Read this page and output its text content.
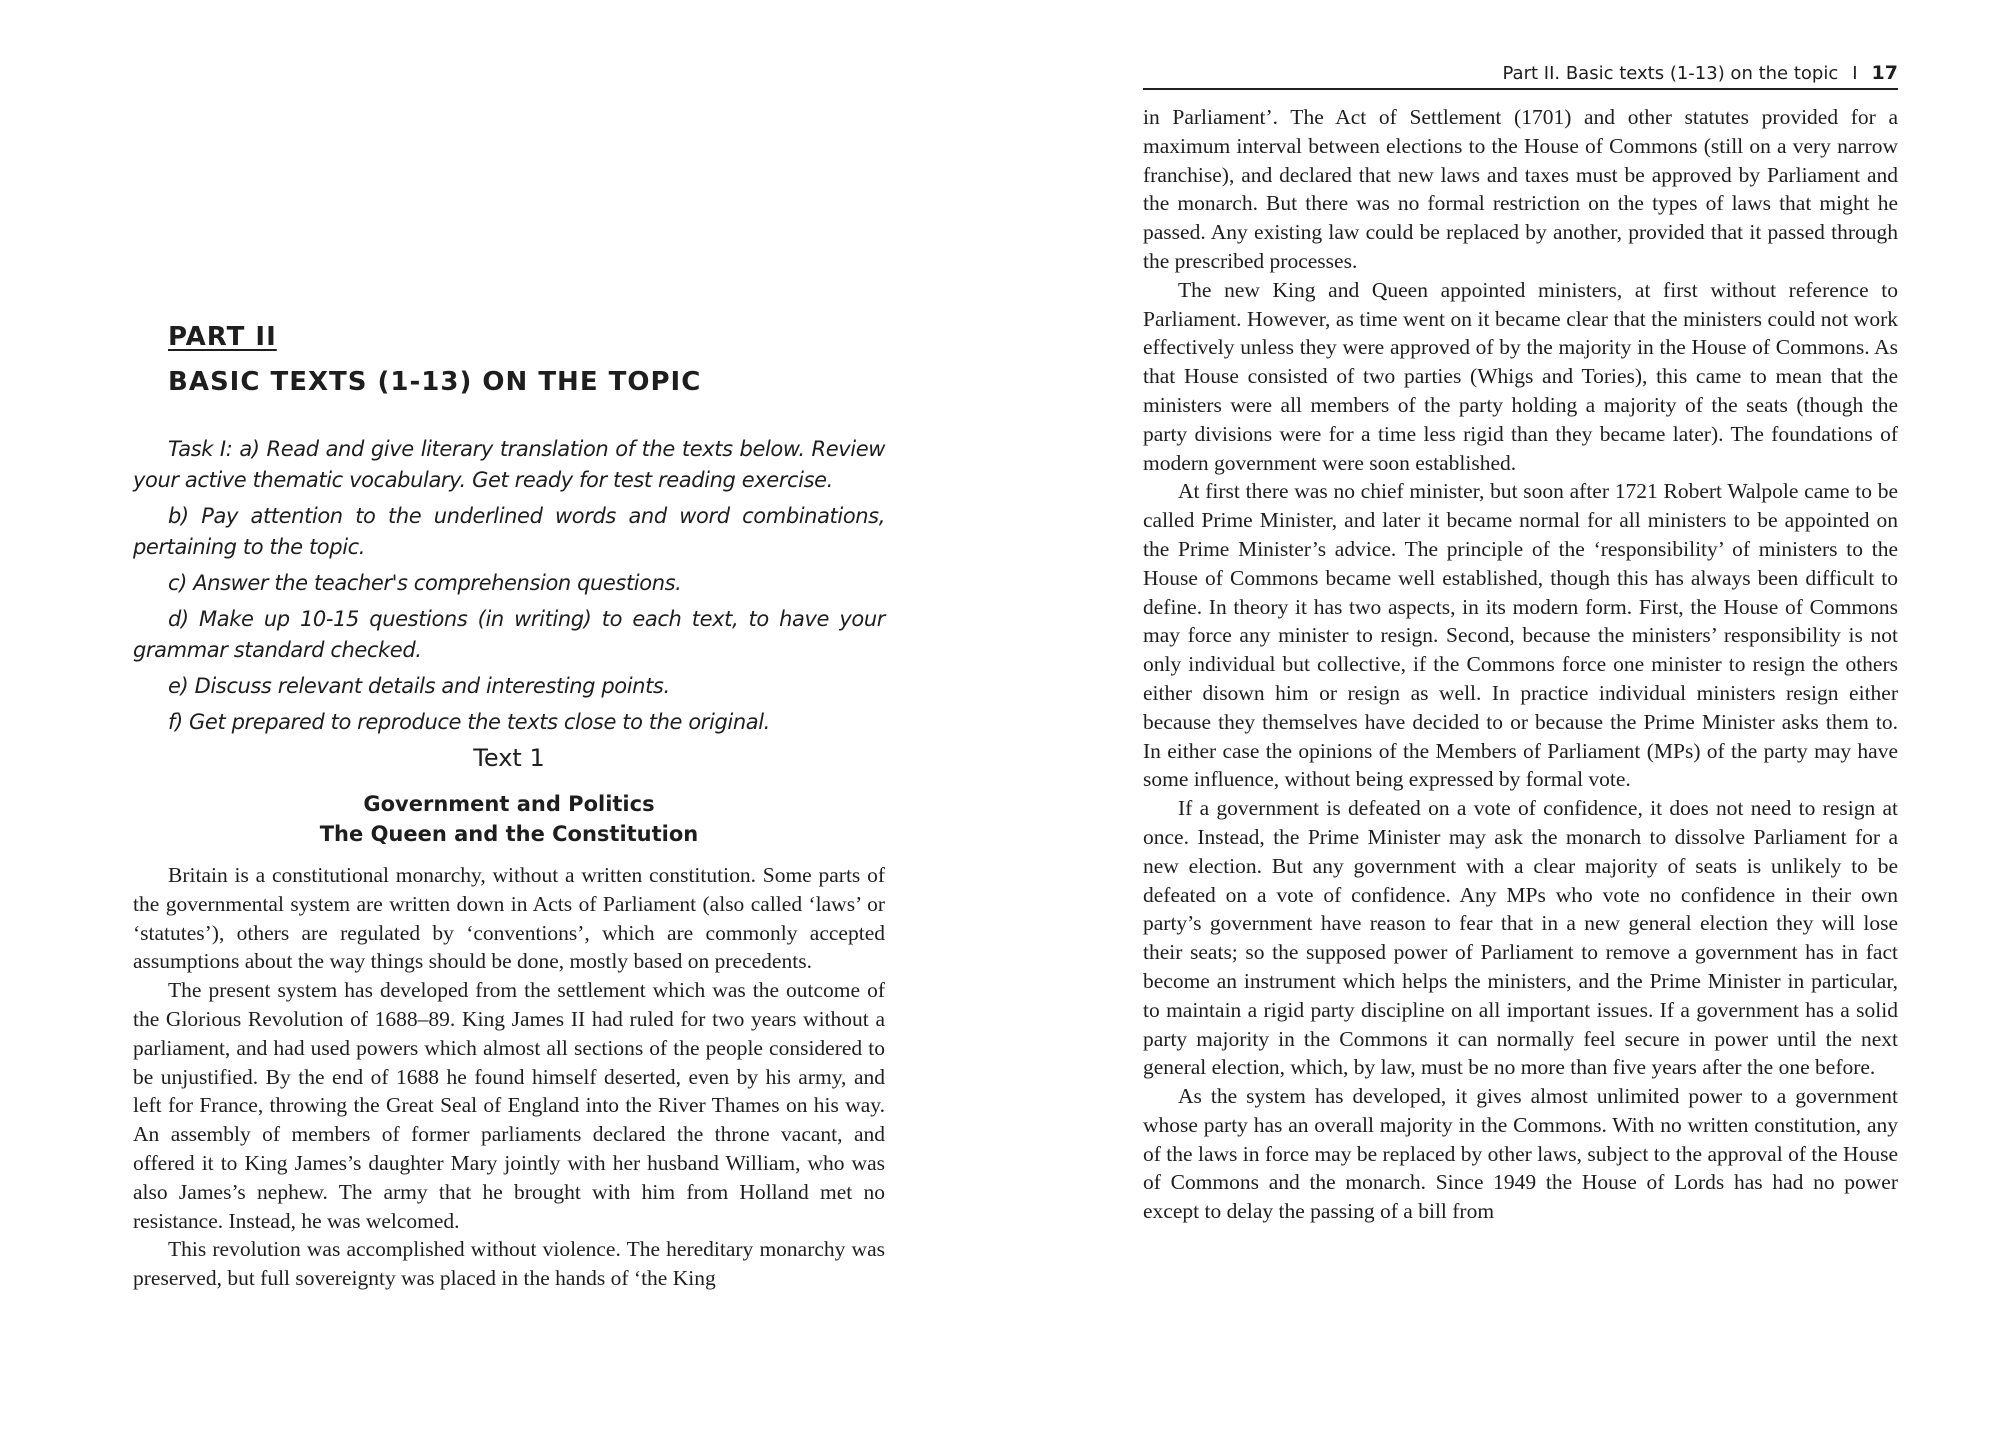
PART II
BASIC TEXTS (1-13) ON THE TOPIC

Task I: a) Read and give literary translation of the texts below. Review your active thematic vocabulary. Get ready for test reading exercise.

b) Pay attention to the underlined words and word combinations, pertaining to the topic.

c) Answer the teacher's comprehension questions.

d) Make up 10-15 questions (in writing) to each text, to have your grammar standard checked.

e) Discuss relevant details and interesting points.

f) Get prepared to reproduce the texts close to the original.

Text 1
Government and Politics
The Queen and the Constitution

Britain is a constitutional monarchy, without a written constitution. Some parts of the governmental system are written down in Acts of Parliament (also called ‘laws’ or ‘statutes’), others are regulated by ‘conventions’, which are commonly accepted assumptions about the way things should be done, mostly based on precedents.

The present system has developed from the settlement which was the outcome of the Glorious Revolution of 1688–89. King James II had ruled for two years without a parliament, and had used powers which almost all sections of the people considered to be unjustified. By the end of 1688 he found himself deserted, even by his army, and left for France, throwing the Great Seal of England into the River Thames on his way. An assembly of members of former parliaments declared the throne vacant, and offered it to King James’s daughter Mary jointly with her husband William, who was also James’s nephew. The army that he brought with him from Holland met no resistance. Instead, he was welcomed.

This revolution was accomplished without violence. The hereditary monarchy was preserved, but full sovereignty was placed in the hands of ‘the King

Part II. Basic texts (1-13) on the topic I 17

in Parliament’. The Act of Settlement (1701) and other statutes provided for a maximum interval between elections to the House of Commons (still on a very narrow franchise), and declared that new laws and taxes must be approved by Parliament and the monarch. But there was no formal restriction on the types of laws that might he passed. Any existing law could be replaced by another, provided that it passed through the prescribed processes.

The new King and Queen appointed ministers, at first without reference to Parliament. However, as time went on it became clear that the ministers could not work effectively unless they were approved of by the majority in the House of Commons. As that House consisted of two parties (Whigs and Tories), this came to mean that the ministers were all members of the party holding a majority of the seats (though the party divisions were for a time less rigid than they became later). The foundations of modern government were soon established.

At first there was no chief minister, but soon after 1721 Robert Walpole came to be called Prime Minister, and later it became normal for all ministers to be appointed on the Prime Minister’s advice. The principle of the ‘responsibility’ of ministers to the House of Commons became well established, though this has always been difficult to define. In theory it has two aspects, in its modern form. First, the House of Commons may force any minister to resign. Second, because the ministers’ responsibility is not only individual but collective, if the Commons force one minister to resign the others either disown him or resign as well. In practice individual ministers resign either because they themselves have decided to or because the Prime Minister asks them to. In either case the opinions of the Members of Parliament (MPs) of the party may have some influence, without being expressed by formal vote.

If a government is defeated on a vote of confidence, it does not need to resign at once. Instead, the Prime Minister may ask the monarch to dissolve Parliament for a new election. But any government with a clear majority of seats is unlikely to be defeated on a vote of confidence. Any MPs who vote no confidence in their own party’s government have reason to fear that in a new general election they will lose their seats; so the supposed power of Parliament to remove a government has in fact become an instrument which helps the ministers, and the Prime Minister in particular, to maintain a rigid party discipline on all important issues. If a government has a solid party majority in the Commons it can normally feel secure in power until the next general election, which, by law, must be no more than five years after the one before.

As the system has developed, it gives almost unlimited power to a government whose party has an overall majority in the Commons. With no written constitution, any of the laws in force may be replaced by other laws, subject to the approval of the House of Commons and the monarch. Since 1949 the House of Lords has had no power except to delay the passing of a bill from
